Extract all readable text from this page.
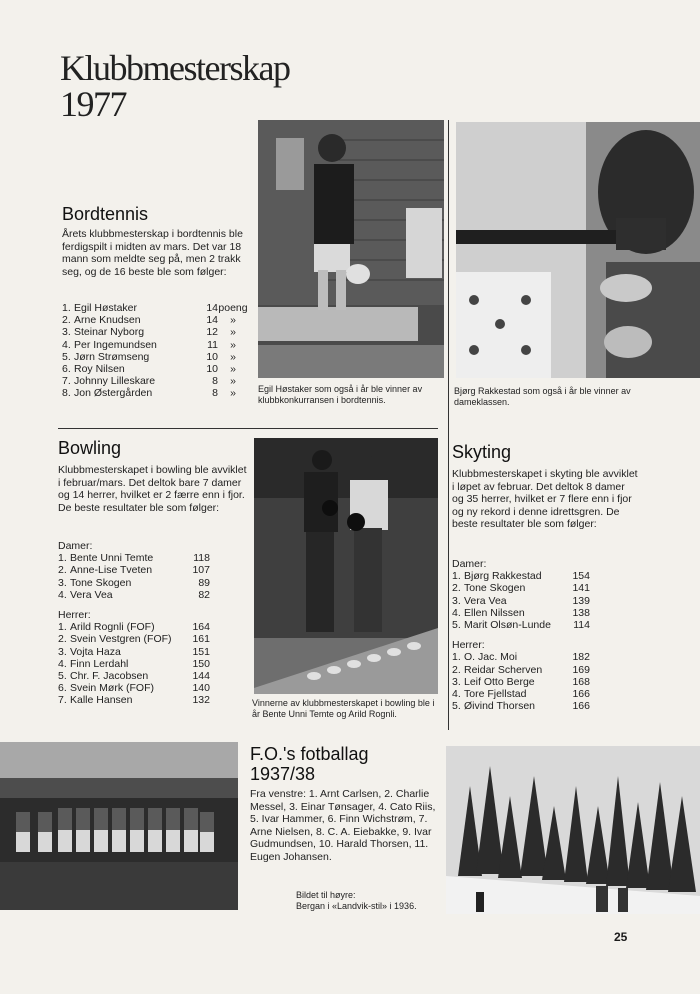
Klubbmesterskap
1977
Bordtennis
Årets klubbmesterskap i bordtennis ble ferdigspilt i midten av mars. Det var 18 mann som meldte seg på, men 2 trakk seg, og de 16 beste ble som følger:
1. Egil Høstaker	14 poeng
2. Arne Knudsen	14	»
3. Steinar Nyborg	12	»
4. Per Ingemundsen	11	»
5. Jørn Strømseng	10	»
6. Roy Nilsen	10	»
7. Johnny Lilleskare	8	»
8. Jon Østergården	8	»	Egil Høstaker som også i år ble vinner av klubbkonkurransen i bordtennis.
Bjørg Rakkestad som også i år ble vinner av dameklassen.
Bowling
Klubbmesterskapet i bowling ble avviklet i februar/mars. Det deltok bare 7 damer og 14 herrer, hvilket er 2 færre enn i fjor. De beste resultater ble som følger:
Damer:
1. Bente Unni Temte	118
2. Anne-Lise Tveten	107
3. Tone Skogen	89
4. Vera Vea	82
Herrer:
1. Arild Rognli (FOF)	164
2. Svein Vestgren (FOF)	161
3. Vojta Haza	151
4. Finn Lerdahl	150
5. Chr. F. Jacobsen	144
6. Svein Mørk (FOF)	140
7. Kalle Hansen	132	Vinnerne av klubbmesterskapet i bowling ble i år Bente Unni Temte og Arild Rognli.
Skyting
Klubbmesterskapet i skyting ble avviklet i løpet av februar. Det deltok 8 damer og 35 herrer, hvilket er 7 flere enn i fjor og ny rekord i denne idrettsgren. De beste resultater ble som følger:
Damer:
1. Bjørg Rakkestad	154
2. Tone Skogen	141
3. Vera Vea	139
4. Ellen Nilssen	138
5. Marit Olsøn-Lunde	114
Herrer:
1. O. Jac. Moi	182
2. Reidar Scherven	169
3. Leif Otto Berge	168
4. Tore Fjellstad	166
5. Øivind Thorsen	166
F.O.'s fotballag
1937/38
Fra venstre: 1. Arnt Carlsen, 2. Charlie Messel, 3. Einar Tønsager, 4. Cato Riis, 5. Ivar Hammer, 6. Finn Wichstrøm, 7. Arne Nielsen, 8. C. A. Eiebakke, 9. Ivar Gudmundsen, 10. Harald Thorsen, 11. Eugen Johansen.
Bildet til høyre:
Bergan i «Landvik-stil» i 1936.
25
